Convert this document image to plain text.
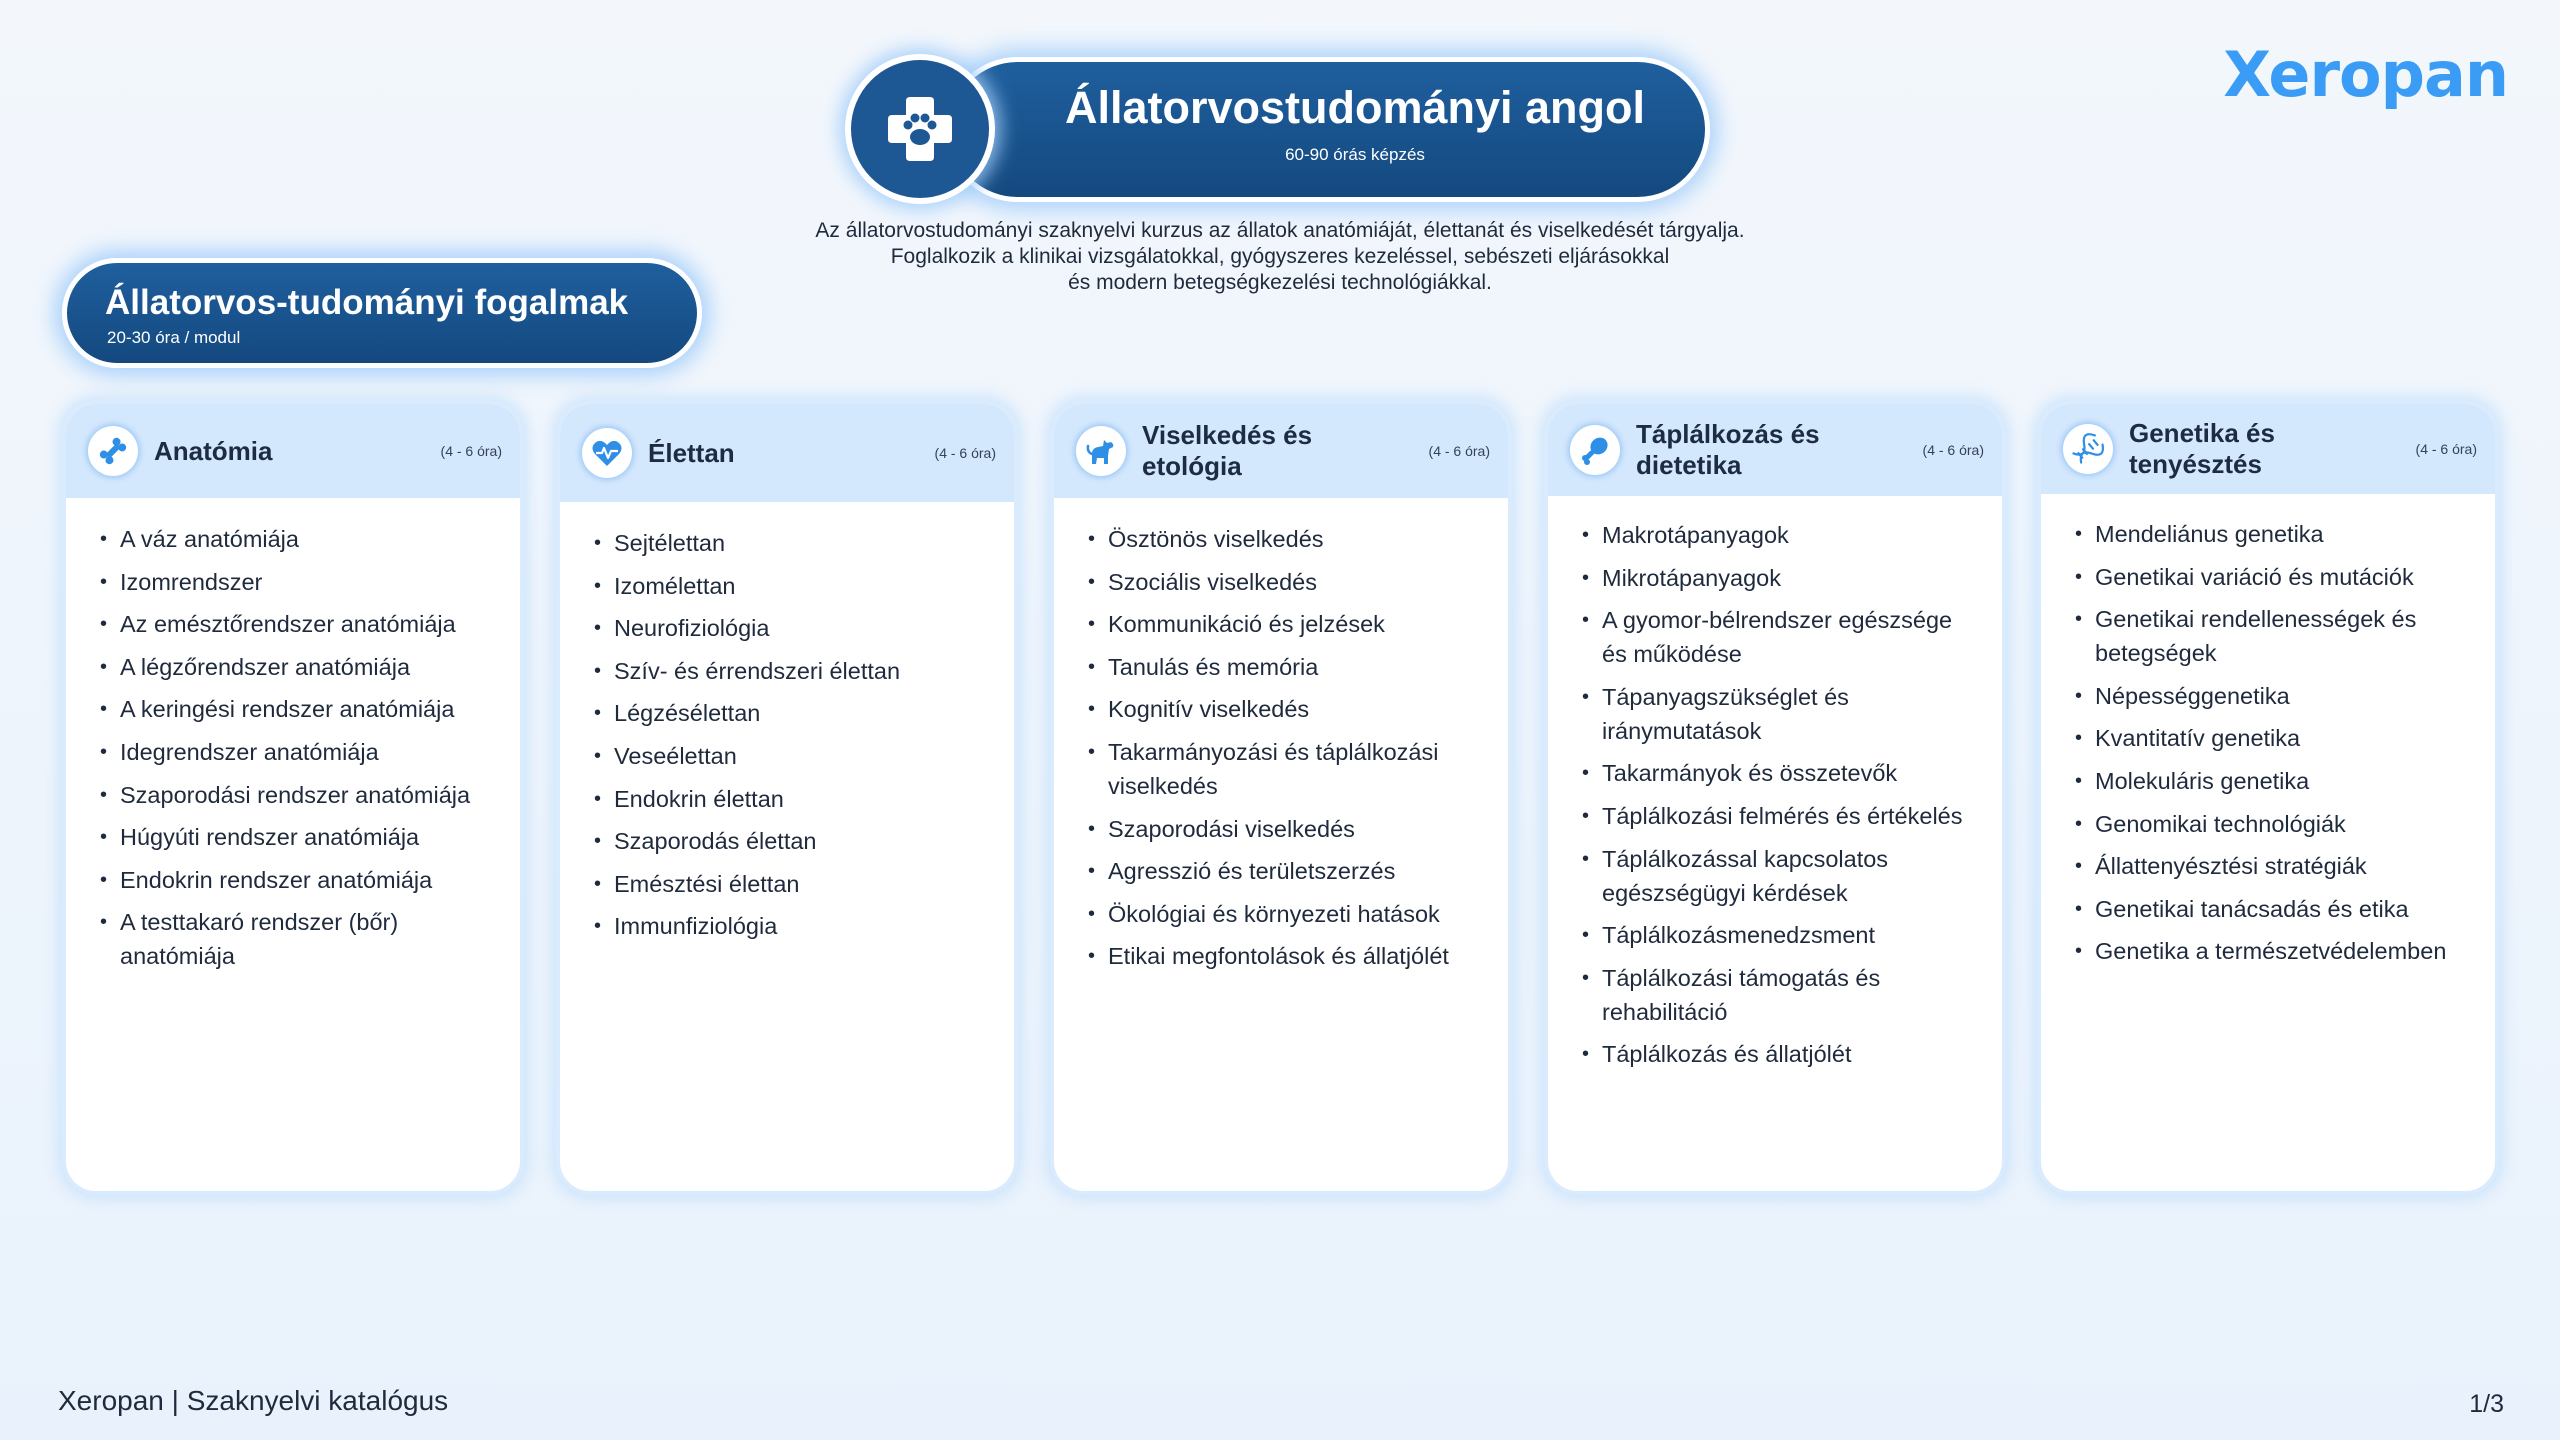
Állatorvostudományi angol
60-90 órás képzés
Xeropan
Az állatorvostudományi szaknyelvi kurzus az állatok anatómiáját, élettanát és viselkedését tárgyalja.
Foglalkozik a klinikai vizsgálatokkal, gyógyszeres kezeléssel, sebészeti eljárásokkal
és modern betegségkezelési technológiákkal.
Állatorvos-tudományi fogalmak
20-30 óra / modul
Anatómia	(4 - 6 óra)
• A váz anatómiája
• Izomrendszer
• Az emésztőrendszer anatómiája
• A légzőrendszer anatómiája
• A keringési rendszer anatómiája
• Idegrendszer anatómiája
• Szaporodási rendszer anatómiája
• Húgyúti rendszer anatómiája
• Endokrin rendszer anatómiája
• A testtakaró rendszer (bőr) anatómiája
Élettan	(4 - 6 óra)
• Sejtélettan
• Izomélettan
• Neurofiziológia
• Szív- és érrendszeri élettan
• Légzésélettan
• Veseélettan
• Endokrin élettan
• Szaporodás élettan
• Emésztési élettan
• Immunfiziológia
Viselkedés és etológia	(4 - 6 óra)
• Ösztönös viselkedés
• Szociális viselkedés
• Kommunikáció és jelzések
• Tanulás és memória
• Kognitív viselkedés
• Takarmányozási és táplálkozási viselkedés
• Szaporodási viselkedés
• Agresszió és területszerzés
• Ökológiai és környezeti hatások
• Etikai megfontolások és állatjólét
Táplálkozás és dietetika	(4 - 6 óra)
• Makrotápanyagok
• Mikrotápanyagok
• A gyomor-bélrendszer egészsége és működése
• Tápanyagszükséglet és iránymutatások
• Takarmányok és összetevők
• Táplálkozási felmérés és értékelés
• Táplálkozással kapcsolatos egészségügyi kérdések
• Táplálkozásmenedzsment
• Táplálkozási támogatás és rehabilitáció
• Táplálkozás és állatjólét
Genetika és tenyésztés	(4 - 6 óra)
• Mendeliánus genetika
• Genetikai variáció és mutációk
• Genetikai rendellenességek és betegségek
• Népességgenetika
• Kvantitatív genetika
• Molekuláris genetika
• Genomikai technológiák
• Állattenyésztési stratégiák
• Genetikai tanácsadás és etika
• Genetika a természetvédelemben
Xeropan | Szaknyelvi katalógus	1/3
